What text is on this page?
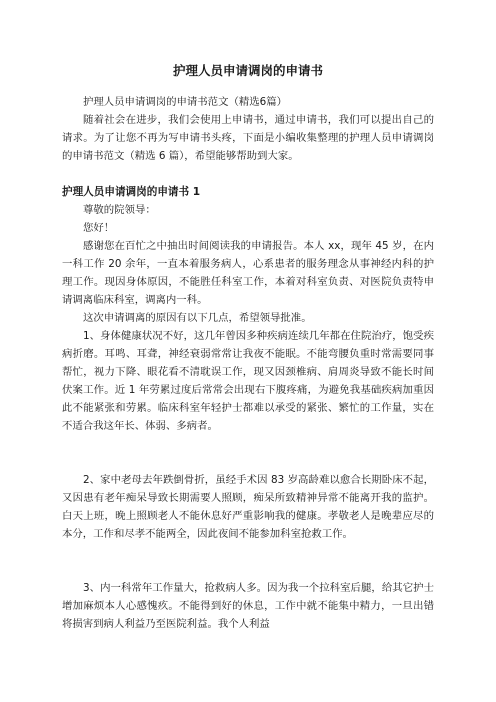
护理人员申请调岗的申请书

护理人员申请调岗的申请书范文（精选6篇）

随着社会在进步，我们会使用上申请书，通过申请书，我们可以提出自己的请求。为了让您不再为写申请书头疼，下面是小编收集整理的护理人员申请调岗的申请书范文（精选 6 篇），希望能够帮助到大家。

护理人员申请调岗的申请书 1

尊敬的院领导：

您好！

感谢您在百忙之中抽出时间阅读我的申请报告。本人 xx，现年 45 岁，在内一科工作 20 余年，一直本着服务病人，心系患者的服务理念从事神经内科的护理工作。现因身体原因，不能胜任科室工作，本着对科室负责、对医院负责特申请调离临床科室，调离内一科。

这次申请调离的原因有以下几点，希望领导批准。

1、身体健康状况不好，这几年曾因多种疾病连续几年都在住院治疗，饱受疾病折磨。耳鸣、耳聋，神经衰弱常常让我夜不能眠。不能弯腰负重时常需要同事帮忙，视力下降、眼花看不清耽误工作，现又因颈椎病、肩周炎导致不能长时间伏案工作。近 1 年劳累过度后常常会出现右下腹疼痛，为避免我基础疾病加重因此不能紧张和劳累。临床科室年轻护士都难以承受的紧张、繁忙的工作量，实在不适合我这年长、体弱、多病者。

2、家中老母去年跌倒骨折，虽经手术因 83 岁高龄难以愈合长期卧床不起，又因患有老年痴呆导致长期需要人照顾，痴呆所致精神异常不能离开我的监护。白天上班，晚上照顾老人不能休息好严重影响我的健康。孝敬老人是晚辈应尽的本分，工作和尽孝不能两全，因此夜间不能参加科室抢救工作。

3、内一科常年工作量大，抢救病人多。因为我一个拉科室后腿，给其它护士增加麻烦本人心感愧疚。不能得到好的休息，工作中就不能集中精力，一旦出错将损害到病人利益乃至医院利益。我个人利益
